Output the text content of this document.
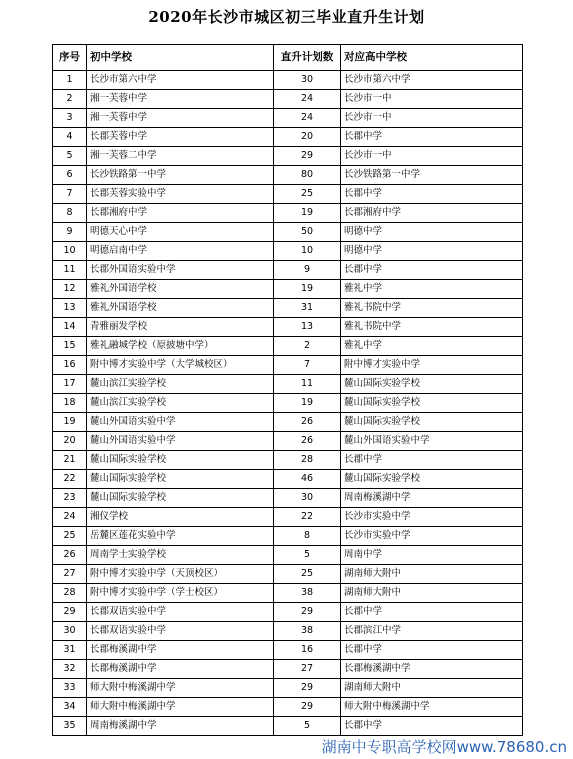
2020年长沙市城区初三毕业直升生计划
序号	初中学校	直升计划数	对应高中学校
1	长沙市第六中学	30	长沙市第六中学
2	湘一芙蓉中学	24	长沙市一中
3	湘一芙蓉中学	24	长沙市一中
4	长郡芙蓉中学	20	长郡中学
5	湘一芙蓉二中学	29	长沙市一中
6	长沙铁路第一中学	80	长沙铁路第一中学
7	长郡芙蓉实验中学	25	长郡中学
8	长郡湘府中学	19	长郡湘府中学
9	明德天心中学	50	明德中学
10	明德启南中学	10	明德中学
11	长郡外国语实验中学	9	长郡中学
12	雅礼外国语学校	19	雅礼中学
13	雅礼外国语学校	31	雅礼书院中学
14	青雅丽发学校	13	雅礼书院中学
15	雅礼融城学校（原披塘中学）	2	雅礼中学
16	附中博才实验中学（大学城校区）	7	附中博才实验中学
17	麓山滨江实验学校	11	麓山国际实验学校
18	麓山滨江实验学校	19	麓山国际实验学校
19	麓山外国语实验中学	26	麓山国际实验学校
20	麓山外国语实验中学	26	麓山外国语实验中学
21	麓山国际实验学校	28	长郡中学
22	麓山国际实验学校	46	麓山国际实验学校
23	麓山国际实验学校	30	周南梅溪湖中学
24	湘仪学校	22	长沙市实验中学
25	岳麓区莲花实验中学	8	长沙市实验中学
26	周南学士实验学校	5	周南中学
27	附中博才实验中学（天顶校区）	25	湖南师大附中
28	附中博才实验中学（学士校区）	38	湖南师大附中
29	长郡双语实验中学	29	长郡中学
30	长郡双语实验中学	38	长郡滨江中学
31	长郡梅溪湖中学	16	长郡中学
32	长郡梅溪湖中学	27	长郡梅溪湖中学
33	师大附中梅溪湖中学	29	湖南师大附中
34	师大附中梅溪湖中学	29	师大附中梅溪湖中学
35	周南梅溪湖中学	5	长郡中学
湖南中专职高学校网www.78680.cn
